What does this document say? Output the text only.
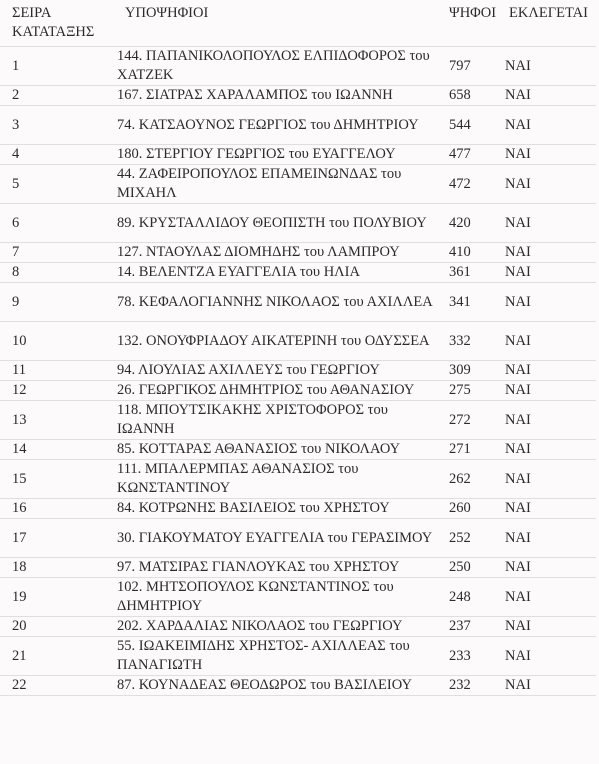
ΣΕΙΡΑ ΚΑΤΑΤΑΞΗΣ	ΥΠΟΨΗΦΙΟΙ	ΨΗΦΟΙ	ΕΚΛΕΓΕΤΑΙ
1	144. ΠΑΠΑΝΙΚΟΛΟΠΟΥΛΟΣ ΕΛΠΙΔΟΦΟΡΟΣ του ΧΑΤΖΕΚ	797	ΝΑΙ
2	167. ΣΙΑΤΡΑΣ ΧΑΡΑΛΑΜΠΟΣ του ΙΩΑΝΝΗ	658	ΝΑΙ
3	74. ΚΑΤΣΑΟΥΝΟΣ ΓΕΩΡΓΙΟΣ του ΔΗΜΗΤΡΙΟΥ	544	ΝΑΙ
4	180. ΣΤΕΡΓΙΟΥ ΓΕΩΡΓΙΟΣ του ΕΥΑΓΓΕΛΟΥ	477	ΝΑΙ
5	44. ΖΑΦΕΙΡΟΠΟΥΛΟΣ ΕΠΑΜΕΙΝΩΝΔΑΣ του ΜΙΧΑΗΛ	472	ΝΑΙ
6	89. ΚΡΥΣΤΑΛΛΙΔΟΥ ΘΕΟΠΙΣΤΗ του ΠΟΛΥΒΙΟΥ	420	ΝΑΙ
7	127. ΝΤΑΟΥΛΑΣ ΔΙΟΜΗΔΗΣ του ΛΑΜΠΡΟΥ	410	ΝΑΙ
8	14. ΒΕΛΕΝΤΖΑ ΕΥΑΓΓΕΛΙΑ του ΗΛΙΑ	361	ΝΑΙ
9	78. ΚΕΦΑΛΟΓΙΑΝΝΗΣ ΝΙΚΟΛΑΟΣ του ΑΧΙΛΛΕΑ	341	ΝΑΙ
10	132. ΟΝΟΥΦΡΙΑΔΟΥ ΑΙΚΑΤΕΡΙΝΗ του ΟΔΥΣΣΕΑ	332	ΝΑΙ
11	94. ΛΙΟΥΛΙΑΣ ΑΧΙΛΛΕΥΣ του ΓΕΩΡΓΙΟΥ	309	ΝΑΙ
12	26. ΓΕΩΡΓΙΚΟΣ ΔΗΜΗΤΡΙΟΣ του ΑΘΑΝΑΣΙΟΥ	275	ΝΑΙ
13	118. ΜΠΟΥΤΣΙΚΑΚΗΣ ΧΡΙΣΤΟΦΟΡΟΣ του ΙΩΑΝΝΗ	272	ΝΑΙ
14	85. ΚΟΤΤΑΡΑΣ ΑΘΑΝΑΣΙΟΣ του ΝΙΚΟΛΑΟΥ	271	ΝΑΙ
15	111. ΜΠΑΛΕΡΜΠΑΣ ΑΘΑΝΑΣΙΟΣ του ΚΩΝΣΤΑΝΤΙΝΟΥ	262	ΝΑΙ
16	84. ΚΟΤΡΩΝΗΣ ΒΑΣΙΛΕΙΟΣ του ΧΡΗΣΤΟΥ	260	ΝΑΙ
17	30. ΓΙΑΚΟΥΜΑΤΟΥ ΕΥΑΓΓΕΛΙΑ του ΓΕΡΑΣΙΜΟΥ	252	ΝΑΙ
18	97. ΜΑΤΣΙΡΑΣ ΓΙΑΝΛΟΥΚΑΣ του ΧΡΗΣΤΟΥ	250	ΝΑΙ
19	102. ΜΗΤΣΟΠΟΥΛΟΣ ΚΩΝΣΤΑΝΤΙΝΟΣ του ΔΗΜΗΤΡΙΟΥ	248	ΝΑΙ
20	202. ΧΑΡΔΑΛΙΑΣ ΝΙΚΟΛΑΟΣ του ΓΕΩΡΓΙΟΥ	237	ΝΑΙ
21	55. ΙΩΑΚΕΙΜΙΔΗΣ ΧΡΗΣΤΟΣ- ΑΧΙΛΛΕΑΣ του ΠΑΝΑΓΙΩΤΗ	233	ΝΑΙ
22	87. ΚΟΥΝΑΔΕΑΣ ΘΕΟΔΩΡΟΣ του ΒΑΣΙΛΕΙΟΥ	232	ΝΑΙ
